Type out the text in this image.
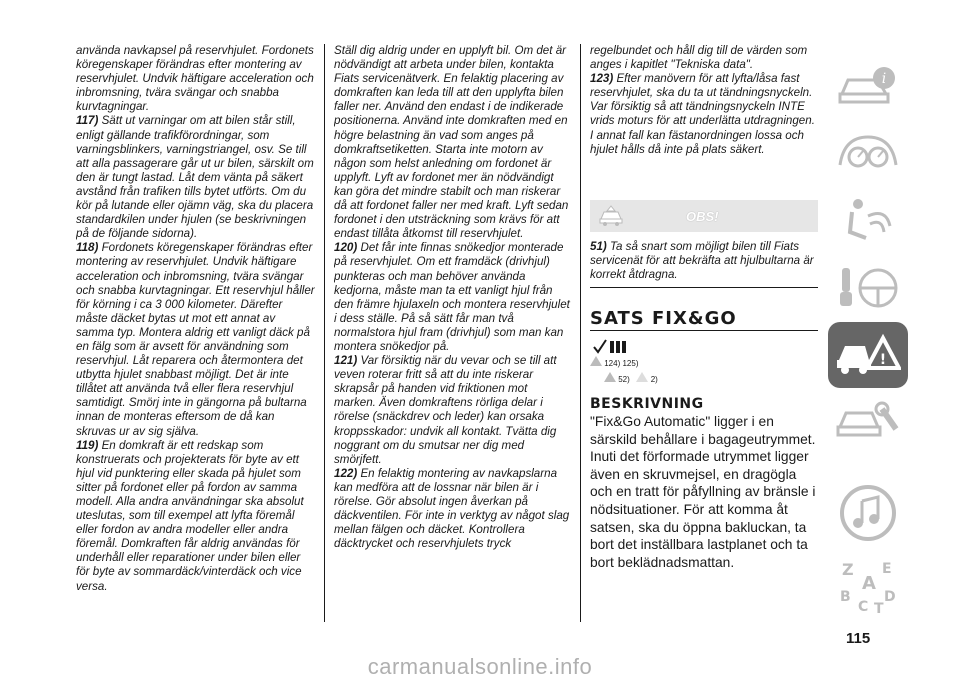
använda navkapsel på reservhjulet. Fordonets köregenskaper förändras efter montering av reservhjulet. Undvik häftigare acceleration och inbromsning, tvära svängar och snabba kurvtagningar.

117) Sätt ut varningar om att bilen står still, enligt gällande trafikförordningar, som varningsblinkers, varningstriangel, osv. Se till att alla passagerare går ut ur bilen, särskilt om den är tungt lastad. Låt dem vänta på säkert avstånd från trafiken tills bytet utförts. Om du kör på lutande eller ojämn väg, ska du placera standardkilen under hjulen (se beskrivningen på de följande sidorna).

118) Fordonets köregenskaper förändras efter montering av reservhjulet. Undvik häftigare acceleration och inbromsning, tvära svängar och snabba kurvtagningar. Ett reservhjul håller för körning i ca 3 000 kilometer. Därefter måste däcket bytas ut mot ett annat av samma typ. Montera aldrig ett vanligt däck på en fälg som är avsett för användning som reservhjul. Låt reparera och återmontera det utbytta hjulet snabbast möjligt. Det är inte tillåtet att använda två eller flera reservhjul samtidigt. Smörj inte in gängorna på bultarna innan de monteras eftersom de då kan skruvas ur av sig själva.

119) En domkraft är ett redskap som konstruerats och projekterats för byte av ett hjul vid punktering eller skada på hjulet som sitter på fordonet eller på fordon av samma modell. Alla andra användningar ska absolut uteslutas, som till exempel att lyfta föremål eller fordon av andra modeller eller andra föremål. Domkraften får aldrig användas för underhåll eller reparationer under bilen eller för byte av sommardäck/vinterdäck och vice versa.

Ställ dig aldrig under en upplyft bil. Om det är nödvändigt att arbeta under bilen, kontakta Fiats servicenätverk. En felaktig placering av domkraften kan leda till att den upplyfta bilen faller ner. Använd den endast i de indikerade positionerna. Använd inte domkraften med en högre belastning än vad som anges på domkraftsetiketten. Starta inte motorn av någon som helst anledning om fordonet är upplyft. Lyft av fordonet mer än nödvändigt kan göra det mindre stabilt och man riskerar då att fordonet faller ner med kraft. Lyft sedan fordonet i den utsträckning som krävs för att endast tillåta åtkomst till reservhjulet.

120) Det får inte finnas snökedjor monterade på reservhjulet. Om ett framdäck (drivhjul) punkteras och man behöver använda kedjorna, måste man ta ett vanligt hjul från den främre hjulaxeln och montera reservhjulet i dess ställe. På så sätt får man två normalstora hjul fram (drivhjul) som man kan montera snökedjor på.

121) Var försiktig när du vevar och se till att veven roterar fritt så att du inte riskerar skrapsår på handen vid friktionen mot marken. Även domkraftens rörliga delar i rörelse (snäckdrev och leder) kan orsaka kroppsskador: undvik all kontakt. Tvätta dig noggrant om du smutsar ner dig med smörjfett.

122) En felaktig montering av navkapslarna kan medföra att de lossnar när bilen är i rörelse. Gör absolut ingen åverkan på däckventilen. För inte in verktyg av något slag mellan fälgen och däcket. Kontrollera däcktrycket och reservhjulets tryck

regelbundet och håll dig till de värden som anges i kapitlet "Tekniska data".

123) Efter manövern för att lyfta/låsa fast reservhjulet, ska du ta ut tändningsnyckeln. Var försiktig så att tändningsnyckeln INTE vrids moturs för att underlätta utdragningen. I annat fall kan fästanordningen lossa och hjulet hålls då inte på plats säkert.

OBS!
51) Ta så snart som möjligt bilen till Fiats servicenät för att bekräfta att hjulbultarna är korrekt åtdragna.
SATS FIX&GO
124) 125)
52)	2)
BESKRIVNING
"Fix&Go Automatic" ligger i en särskild behållare i bagageutrymmet. Inuti det förformade utrymmet ligger även en skruvmejsel, en dragögla och en tratt för påfyllning av bränsle i nödsituationer. För att komma åt satsen, ska du öppna bakluckan, ta bort det inställbara lastplanet och ta bort beklädnadsmattan.
115
i
!
Z E
A
B D
C T
carmanualsonline.info
